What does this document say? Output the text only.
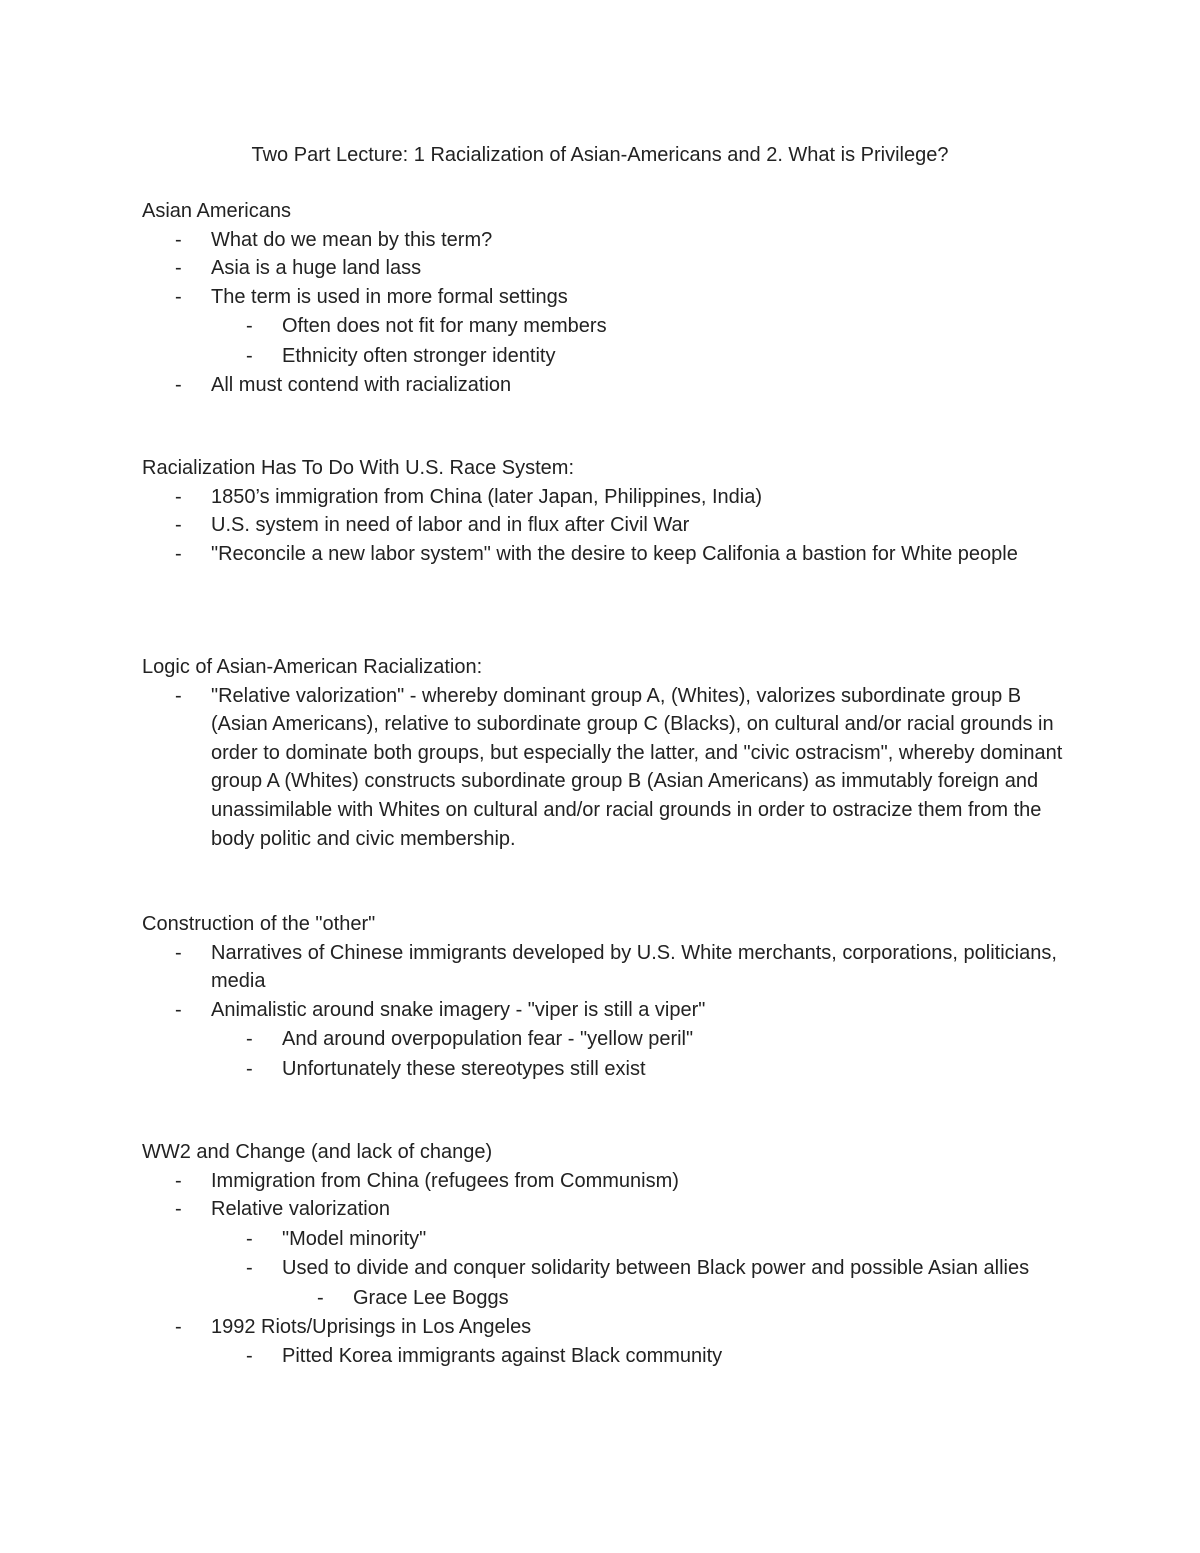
Two Part Lecture: 1 Racialization of Asian-Americans and 2. What is Privilege?

Asian Americans

- What do we mean by this term?
- Asia is a huge land lass
- The term is used in more formal settings
- Often does not fit for many members
- Ethnicity often stronger identity
- All must contend with racialization

Racialization Has To Do With U.S. Race System:

- 1850’s immigration from China (later Japan, Philippines, India)
- U.S. system in need of labor and in flux after Civil War
- "Reconcile a new labor system" with the desire to keep Califonia a bastion for White people

Logic of Asian-American Racialization:

- "Relative valorization" - whereby dominant group A, (Whites), valorizes subordinate group B (Asian Americans), relative to subordinate group C (Blacks), on cultural and/or racial grounds in order to dominate both groups, but especially the latter, and "civic ostracism", whereby dominant group A (Whites) constructs subordinate group B (Asian Americans) as immutably foreign and unassimilable with Whites on cultural and/or racial grounds in order to ostracize them from the body politic and civic membership.

Construction of the "other"

- Narratives of Chinese immigrants developed by U.S. White merchants, corporations, politicians, media
- Animalistic around snake imagery - "viper is still a viper"
- And around overpopulation fear - "yellow peril"
- Unfortunately these stereotypes still exist

WW2 and Change (and lack of change)

- Immigration from China (refugees from Communism)
- Relative valorization
- "Model minority"
- Used to divide and conquer solidarity between Black power and possible Asian allies
- Grace Lee Boggs
- 1992 Riots/Uprisings in Los Angeles
- Pitted Korea immigrants against Black community
